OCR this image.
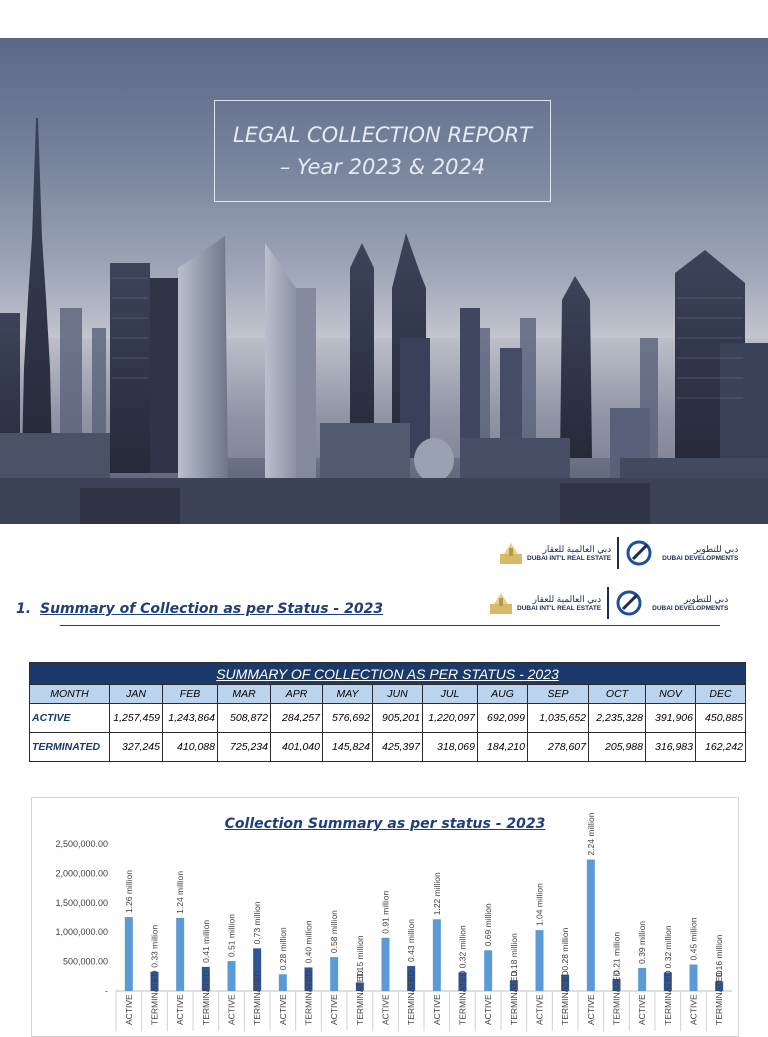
LEGAL COLLECTION REPORT
– Year 2023 & 2024
دبي العالمية للعقار
DUBAI INT'L REAL ESTATE
دبي للتطوير
DUBAI DEVELOPMENTS
دبي العالمية للعقار
DUBAI INT'L REAL ESTATE
دبي للتطوير
DUBAI DEVELOPMENTS
1. Summary of Collection as per Status - 2023
SUMMARY OF COLLECTION AS PER STATUS - 2023												
MONTH	JAN	FEB	MAR	APR	MAY	JUN	JUL	AUG	SEP	OCT	NOV	DEC
ACTIVE	1,257,459	1,243,864	508,872	284,257	576,692	905,201	1,220,097	692,099	1,035,652	2,235,328	391,906	450,885
TERMINATED	327,245	410,088	725,234	401,040	145,824	425,397	318,069	184,210	278,607	205,988	316,983	162,242
Collection Summary as per status - 2023
2,500,000.00
2,000,000.00
1,500,000.00
1,000,000.00
500,000.00
-
1.26 million
ACTIVE
0.33 million
TERMINATED
1.24 million
ACTIVE
0.41 million
TERMINATED
0.51 million
ACTIVE
0.73 million
TERMINATED
0.28 million
ACTIVE
0.40 million
TERMINATED
0.58 million
ACTIVE
0.15 million
TERMINATED
0.91 million
ACTIVE
0.43 million
TERMINATED
1.22 million
ACTIVE
0.32 million
TERMINATED
0.69 million
ACTIVE
0.18 million
TERMINATED
1.04 million
ACTIVE
0.28 million
TERMINATED
2.24 million
ACTIVE
0.21 million
TERMINATED
0.39 million
ACTIVE
0.32 million
TERMINATED
0.45 million
ACTIVE
0.16 million
TERMINATED
